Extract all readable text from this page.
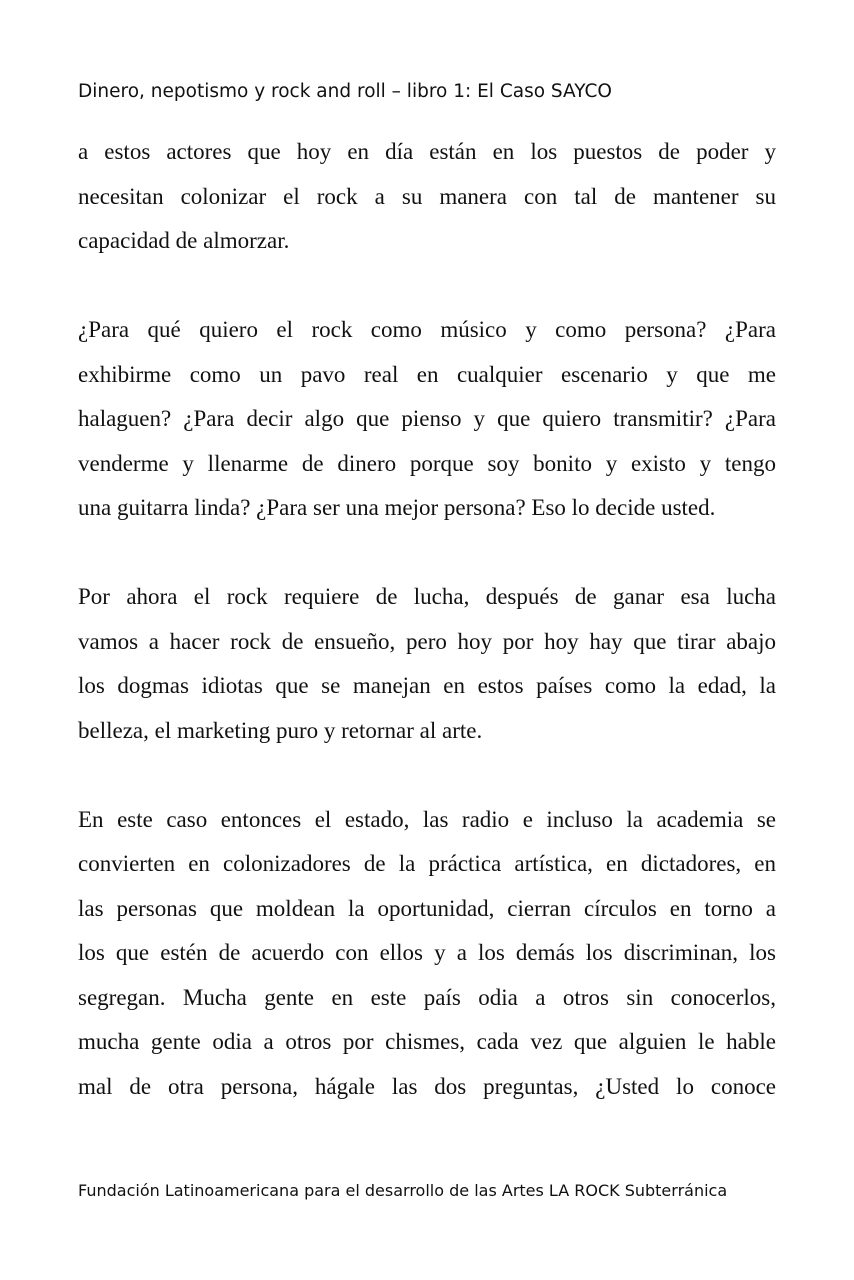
Dinero, nepotismo y rock and roll – libro 1: El Caso SAYCO

a estos actores que hoy en día están en los puestos de poder y
necesitan colonizar el rock a su manera con tal de mantener su
capacidad de almorzar.

¿Para qué quiero el rock como músico y como persona? ¿Para
exhibirme como un pavo real en cualquier escenario y que me
halaguen? ¿Para decir algo que pienso y que quiero transmitir? ¿Para
venderme y llenarme de dinero porque soy bonito y existo y tengo
una guitarra linda? ¿Para ser una mejor persona? Eso lo decide usted.

Por ahora el rock requiere de lucha, después de ganar esa lucha
vamos a hacer rock de ensueño, pero hoy por hoy hay que tirar abajo
los dogmas idiotas que se manejan en estos países como la edad, la
belleza, el marketing puro y retornar al arte.

En este caso entonces el estado, las radio e incluso la academia se
convierten en colonizadores de la práctica artística, en dictadores, en
las personas que moldean la oportunidad, cierran círculos en torno a
los que estén de acuerdo con ellos y a los demás los discriminan, los
segregan. Mucha gente en este país odia a otros sin conocerlos,
mucha gente odia a otros por chismes, cada vez que alguien le hable
mal de otra persona, hágale las dos preguntas, ¿Usted lo conoce

Fundación Latinoamericana para el desarrollo de las Artes LA ROCK Subterránica
